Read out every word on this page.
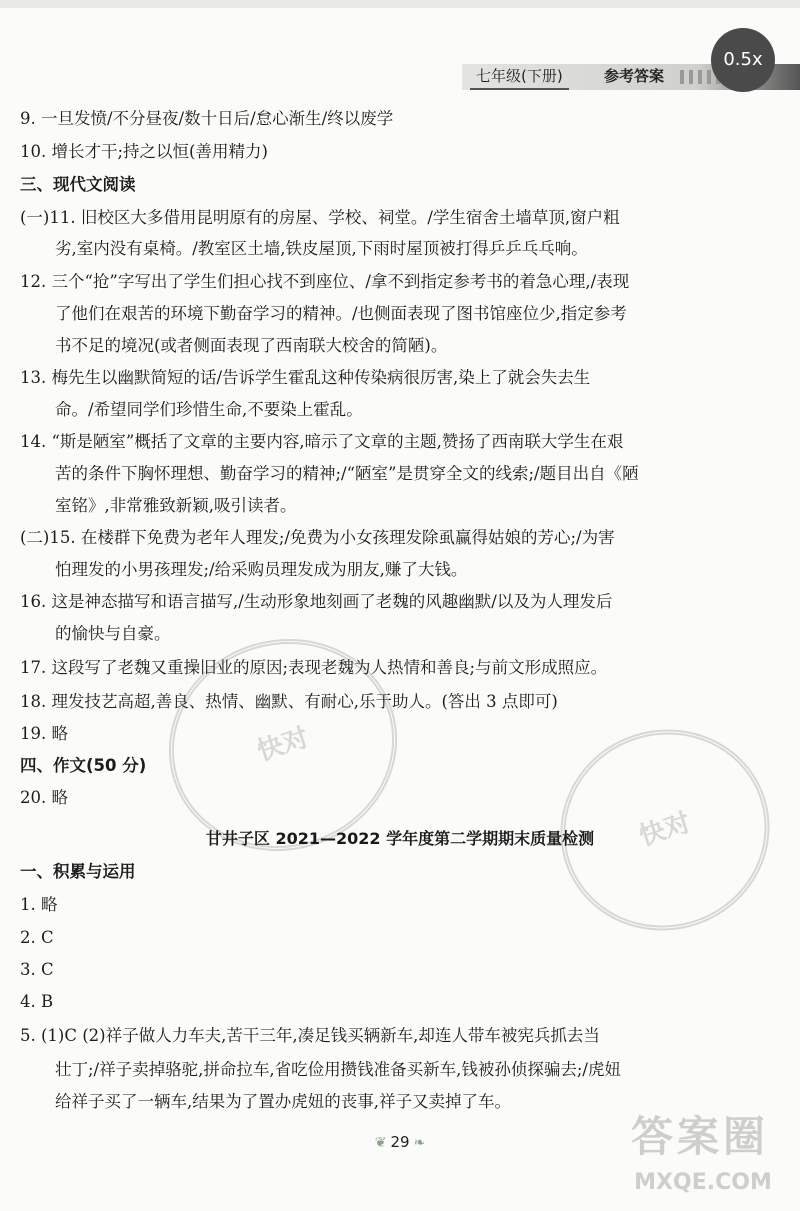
七年级(下册)	参考答案
0.5x
快对
快对
9. 一旦发愤/不分昼夜/数十日后/怠心渐生/终以废学
10. 增长才干;持之以恒(善用精力)
三、现代文阅读
(一)11. 旧校区大多借用昆明原有的房屋、学校、祠堂。/学生宿舍土墙草顶,窗户粗
劣,室内没有桌椅。/教室区土墙,铁皮屋顶,下雨时屋顶被打得乒乒乓乓响。
12. 三个“抢”字写出了学生们担心找不到座位、/拿不到指定参考书的着急心理,/表现
了他们在艰苦的环境下勤奋学习的精神。/也侧面表现了图书馆座位少,指定参考
书不足的境况(或者侧面表现了西南联大校舍的简陋)。
13. 梅先生以幽默简短的话/告诉学生霍乱这种传染病很厉害,染上了就会失去生
命。/希望同学们珍惜生命,不要染上霍乱。
14. “斯是陋室”概括了文章的主要内容,暗示了文章的主题,赞扬了西南联大学生在艰
苦的条件下胸怀理想、勤奋学习的精神;/“陋室”是贯穿全文的线索;/题目出自《陋
室铭》,非常雅致新颖,吸引读者。
(二)15. 在楼群下免费为老年人理发;/免费为小女孩理发除虱赢得姑娘的芳心;/为害
怕理发的小男孩理发;/给采购员理发成为朋友,赚了大钱。
16. 这是神态描写和语言描写,/生动形象地刻画了老魏的风趣幽默/以及为人理发后
的愉快与自豪。
17. 这段写了老魏又重操旧业的原因;表现老魏为人热情和善良;与前文形成照应。
18. 理发技艺高超,善良、热情、幽默、有耐心,乐于助人。(答出 3 点即可)
19. 略
四、作文(50 分)
20. 略
甘井子区 2021—2022 学年度第二学期期末质量检测
一、积累与运用
1. 略
2. C
3. C
4. B
5. (1)C (2)祥子做人力车夫,苦干三年,凑足钱买辆新车,却连人带车被宪兵抓去当
壮丁;/祥子卖掉骆驼,拼命拉车,省吃俭用攒钱准备买新车,钱被孙侦探骗去;/虎妞
给祥子买了一辆车,结果为了置办虎妞的丧事,祥子又卖掉了车。
❦ 29 ❧	答案圈
MXQE.COM
